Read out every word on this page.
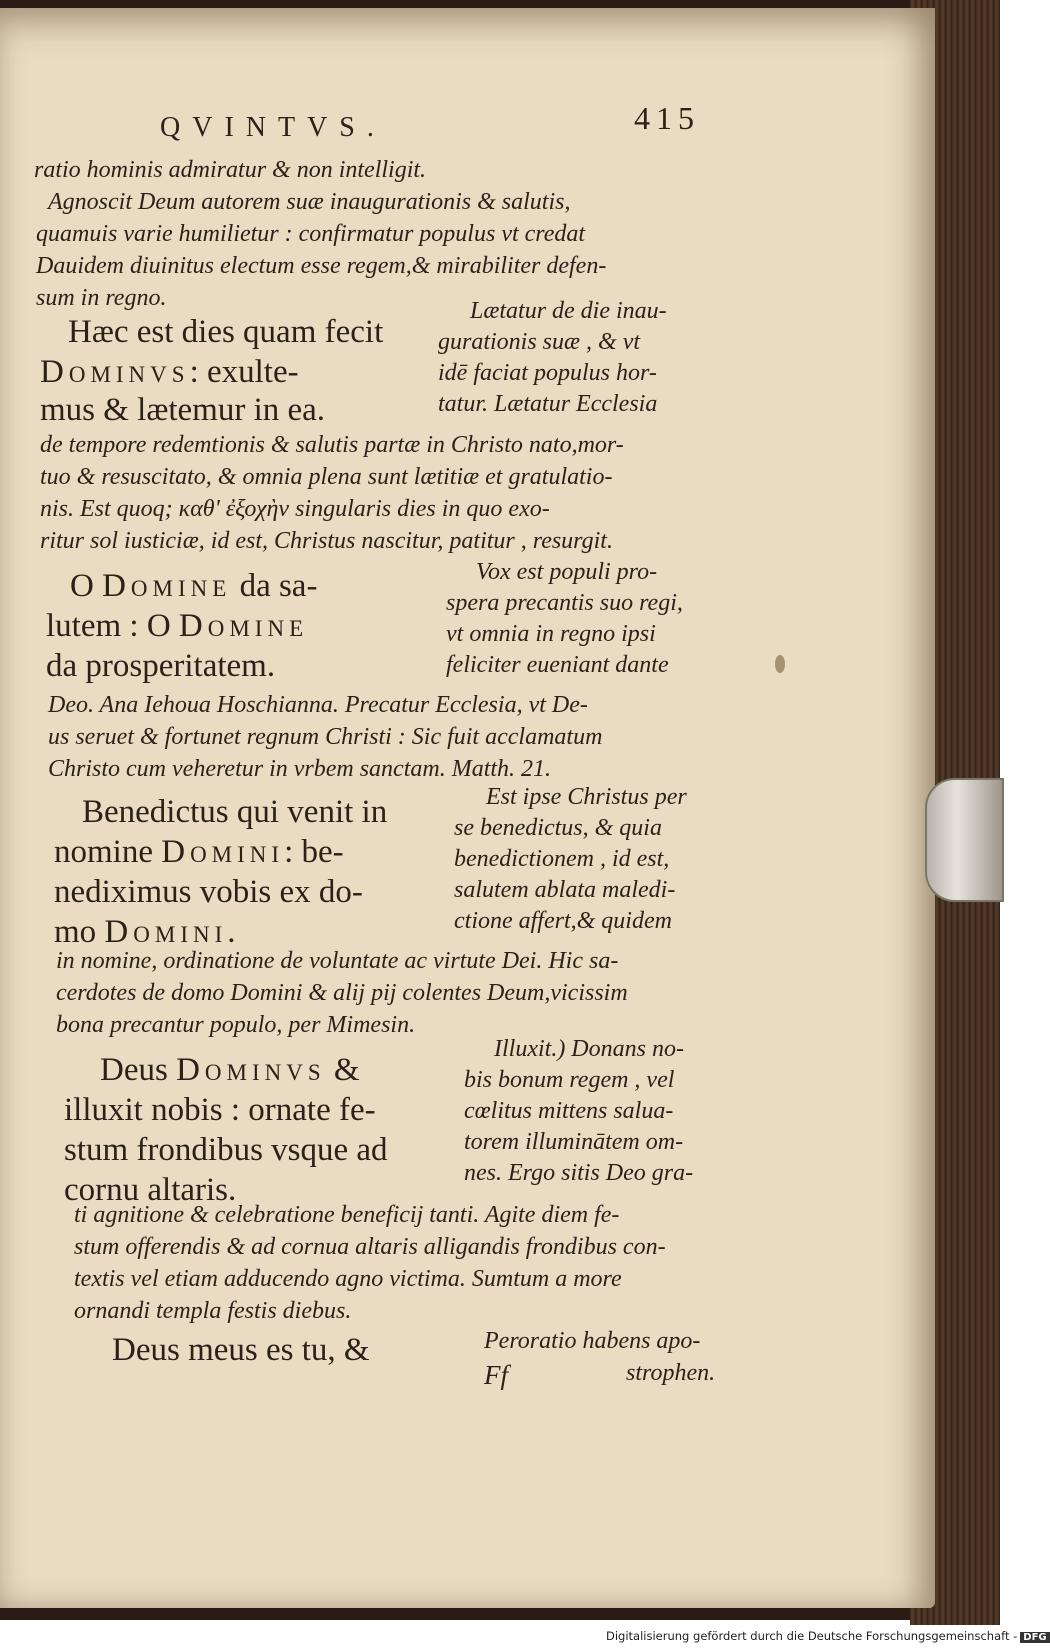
QVINTVS.	415
ratio hominis admiratur & non intelligit.
Agnoscit Deum autorem suæ inaugurationis & salutis,
quamuis varie humilietur : confirmatur populus vt credat
Dauidem diuinitus electum esse regem,& mirabiliter defen-
sum in regno.
Hæc est dies quam fecit
Dominvs: exulte-
mus & lætemur in ea.
Lætatur de die inau-
gurationis suæ , & vt
idē faciat populus hor-
tatur. Lætatur Ecclesia
de tempore redemtionis & salutis partæ in Christo nato,mor-
tuo & resuscitato, & omnia plena sunt lætitiæ et gratulatio-
nis. Est quoq; καθ' ἐξοχὴν singularis dies in quo exo-
ritur sol iusticiæ, id est, Christus nascitur, patitur , resurgit.
O Domine da sa-
lutem : O Domine
da prosperitatem.
Vox est populi pro-
spera precantis suo regi,
vt omnia in regno ipsi
feliciter eueniant dante
Deo. Ana Iehoua Hoschianna. Precatur Ecclesia, vt De-
us seruet & fortunet regnum Christi : Sic fuit acclamatum
Christo cum veheretur in vrbem sanctam. Matth. 21.
Benedictus qui venit in
nomine Domini: be-
nediximus vobis ex do-
mo Domini.
Est ipse Christus per
se benedictus, & quia
benedictionem , id est,
salutem ablata maledi-
ctione affert,& quidem
in nomine, ordinatione de voluntate ac virtute Dei. Hic sa-
cerdotes de domo Domini & alij pij colentes Deum,vicissim
bona precantur populo, per Mimesin.
Deus Dominvs &
illuxit nobis : ornate fe-
stum frondibus vsque ad
cornu altaris.
Illuxit.) Donans no-
bis bonum regem , vel
cœlitus mittens salua-
torem illuminātem om-
nes. Ergo sitis Deo gra-
ti agnitione & celebratione beneficij tanti. Agite diem fe-
stum offerendis & ad cornua altaris alligandis frondibus con-
textis vel etiam adducendo agno victima. Sumtum a more
ornandi templa festis diebus.
Deus meus es tu, &	Peroratio habens apo-
Ff	strophen.
Digitalisierung gefördert durch die Deutsche Forschungsgemeinschaft - DFG
